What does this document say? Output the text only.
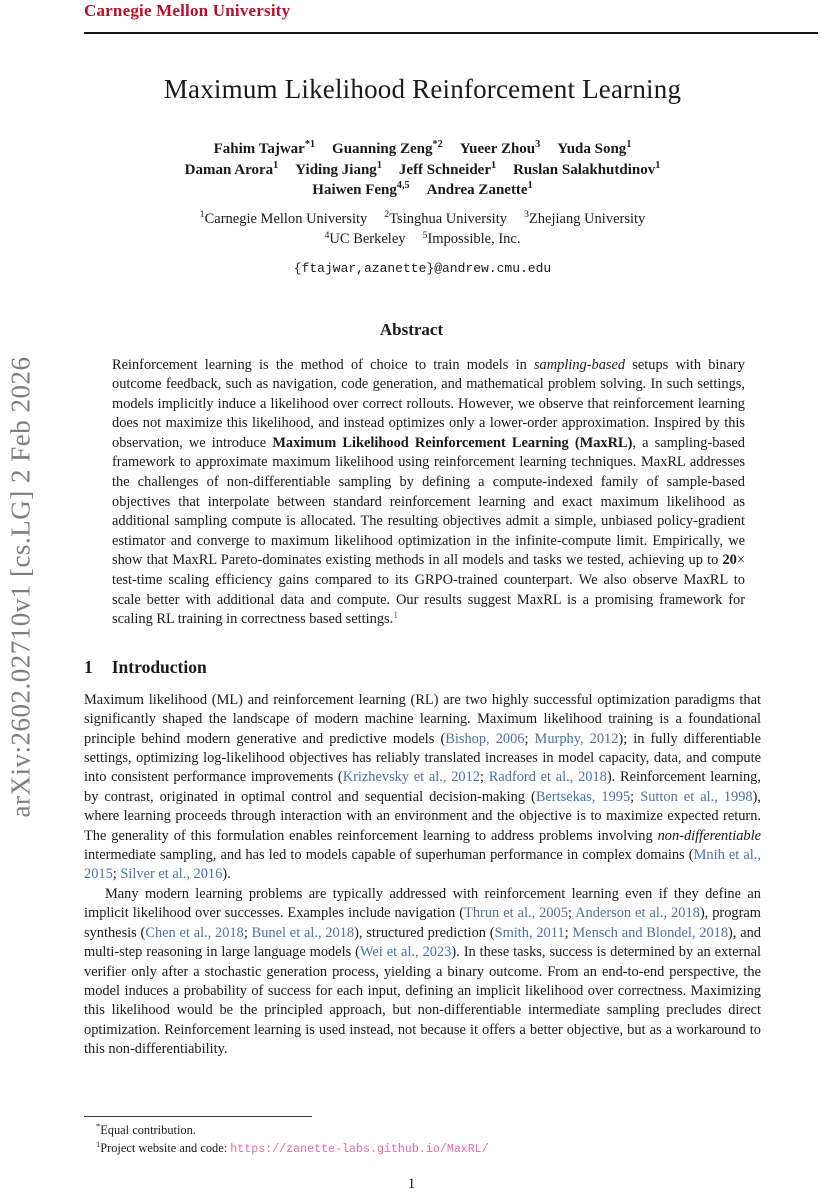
Carnegie Mellon University
arXiv:2602.02710v1 [cs.LG] 2 Feb 2026
Maximum Likelihood Reinforcement Learning
Fahim Tajwar$^{*1}$ Guanning Zeng$^{*2}$ Yueer Zhou$^3$ Yuda Song$^1$
Daman Arora$^1$ Yiding Jiang$^1$ Jeff Schneider$^1$ Ruslan Salakhutdinov$^1$
Haiwen Feng$^{4,5}$ Andrea Zanette$^1$
$^1$Carnegie Mellon University $^2$Tsinghua University $^3$Zhejiang University
$^4$UC Berkeley $^5$Impossible, Inc.
{ftajwar,azanette}@andrew.cmu.edu
Abstract

Reinforcement learning is the method of choice to train models in sampling-based setups with binary outcome feedback, such as navigation, code generation, and mathematical problem solving. In such settings, models implicitly induce a likelihood over correct rollouts. However, we observe that reinforcement learning does not maximize this likelihood, and instead optimizes only a lower-order approximation. Inspired by this observation, we introduce Maximum Likelihood Reinforcement Learning (MaxRL), a sampling-based framework to approximate maximum likelihood using reinforcement learning techniques. MaxRL addresses the challenges of non-differentiable sampling by defining a compute-indexed family of sample-based objectives that interpolate between standard reinforcement learning and exact maximum likelihood as additional sampling compute is allocated. The resulting objectives admit a simple, unbiased policy-gradient estimator and converge to maximum likelihood optimization in the infinite-compute limit. Empirically, we show that MaxRL Pareto-dominates existing methods in all models and tasks we tested, achieving up to 20× test-time scaling efficiency gains compared to its GRPO-trained counterpart. We also observe MaxRL to scale better with additional data and compute. Our results suggest MaxRL is a promising framework for scaling RL training in correctness based settings.$^1$

1 Introduction

Maximum likelihood (ML) and reinforcement learning (RL) are two highly successful optimization paradigms that significantly shaped the landscape of modern machine learning. Maximum likelihood training is a foundational principle behind modern generative and predictive models (Bishop, 2006; Murphy, 2012); in fully differentiable settings, optimizing log-likelihood objectives has reliably translated increases in model capacity, data, and compute into consistent performance improvements (Krizhevsky et al., 2012; Radford et al., 2018). Reinforcement learning, by contrast, originated in optimal control and sequential decision-making (Bertsekas, 1995; Sutton et al., 1998), where learning proceeds through interaction with an environment and the objective is to maximize expected return. The generality of this formulation enables reinforcement learning to address problems involving non-differentiable intermediate sampling, and has led to models capable of superhuman performance in complex domains (Mnih et al., 2015; Silver et al., 2016).

Many modern learning problems are typically addressed with reinforcement learning even if they define an implicit likelihood over successes. Examples include navigation (Thrun et al., 2005; Anderson et al., 2018), program synthesis (Chen et al., 2018; Bunel et al., 2018), structured prediction (Smith, 2011; Mensch and Blondel, 2018), and multi-step reasoning in large language models (Wei et al., 2023). In these tasks, success is determined by an external verifier only after a stochastic generation process, yielding a binary outcome. From an end-to-end perspective, the model induces a probability of success for each input, defining an implicit likelihood over correctness. Maximizing this likelihood would be the principled approach, but non-differentiable intermediate sampling precludes direct optimization. Reinforcement learning is used instead, not because it offers a better objective, but as a workaround to this non-differentiability.

*Equal contribution.
$^1$Project website and code: https://zanette-labs.github.io/MaxRL/
1
